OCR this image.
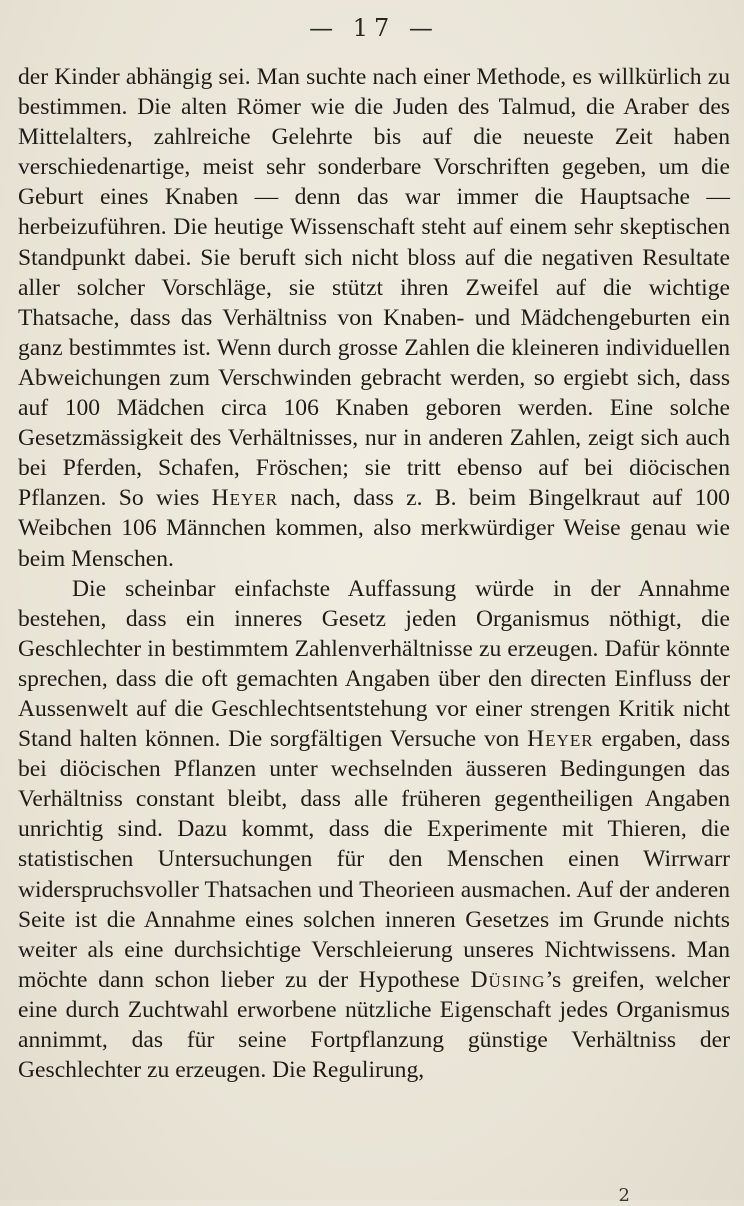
— 17 —

der Kinder abhängig sei. Man suchte nach einer Methode, es willkürlich zu bestimmen. Die alten Römer wie die Juden des Talmud, die Araber des Mittelalters, zahlreiche Gelehrte bis auf die neueste Zeit haben verschiedenartige, meist sehr sonderbare Vorschriften gegeben, um die Geburt eines Knaben — denn das war immer die Hauptsache — herbeizuführen. Die heutige Wissenschaft steht auf einem sehr skeptischen Standpunkt dabei. Sie beruft sich nicht bloss auf die negativen Resultate aller solcher Vorschläge, sie stützt ihren Zweifel auf die wichtige Thatsache, dass das Verhältniss von Knaben- und Mädchengeburten ein ganz bestimmtes ist. Wenn durch grosse Zahlen die kleineren individuellen Abweichungen zum Verschwinden gebracht werden, so ergiebt sich, dass auf 100 Mädchen circa 106 Knaben geboren werden. Eine solche Gesetzmässigkeit des Verhältnisses, nur in anderen Zahlen, zeigt sich auch bei Pferden, Schafen, Fröschen; sie tritt ebenso auf bei diöcischen Pflanzen. So wies Heyer nach, dass z. B. beim Bingelkraut auf 100 Weibchen 106 Männchen kommen, also merkwürdiger Weise genau wie beim Menschen.

Die scheinbar einfachste Auffassung würde in der Annahme bestehen, dass ein inneres Gesetz jeden Organismus nöthigt, die Geschlechter in bestimmtem Zahlenverhältnisse zu erzeugen. Dafür könnte sprechen, dass die oft gemachten Angaben über den directen Einfluss der Aussenwelt auf die Geschlechtsentstehung vor einer strengen Kritik nicht Stand halten können. Die sorgfältigen Versuche von Heyer ergaben, dass bei diöcischen Pflanzen unter wechselnden äusseren Bedingungen das Verhältniss constant bleibt, dass alle früheren gegentheiligen Angaben unrichtig sind. Dazu kommt, dass die Experimente mit Thieren, die statistischen Untersuchungen für den Menschen einen Wirrwarr widerspruchsvoller Thatsachen und Theorieen ausmachen. Auf der anderen Seite ist die Annahme eines solchen inneren Gesetzes im Grunde nichts weiter als eine durchsichtige Verschleierung unseres Nichtwissens. Man möchte dann schon lieber zu der Hypothese Düsing’s greifen, welcher eine durch Zuchtwahl erworbene nützliche Eigenschaft jedes Organismus annimmt, das für seine Fortpflanzung günstige Verhältniss der Geschlechter zu erzeugen. Die Regulirung,

2
